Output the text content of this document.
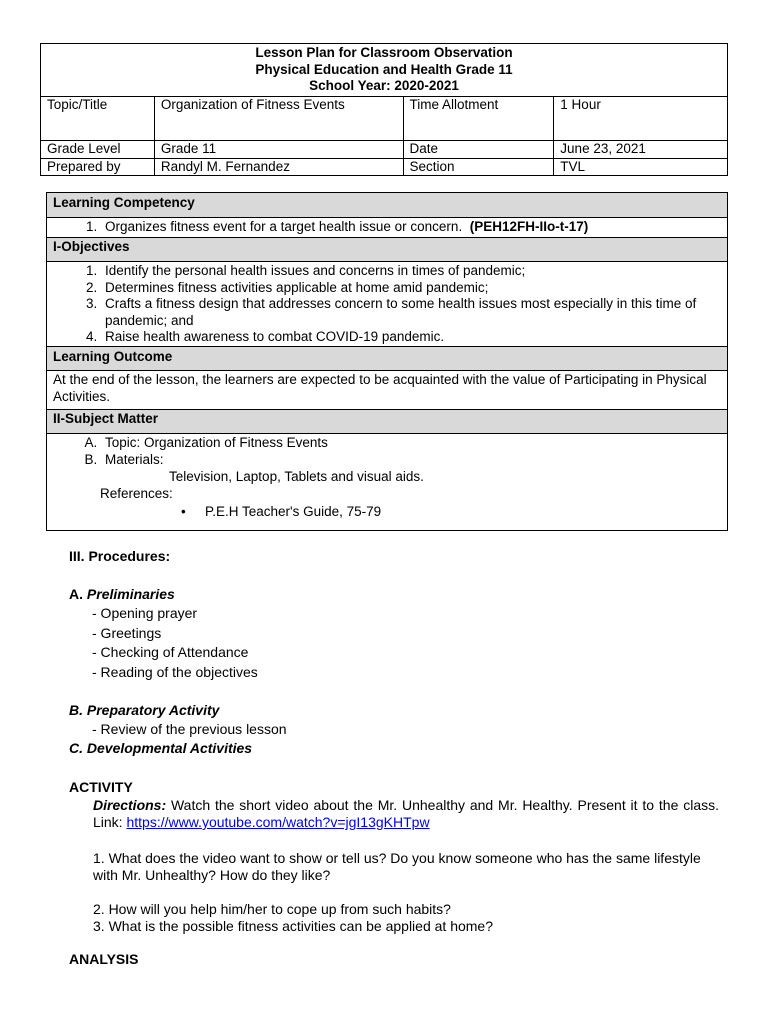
Lesson Plan for Classroom Observation
Physical Education and Health Grade 11
School Year: 2020-2021			

Topic/Title	Organization of Fitness Events	Time Allotment	1 Hour
Grade Level	Grade 11	Date	June 23, 2021
Prepared by	Randyl M. Fernandez	Section	TVL
Learning Competency
1. Organizes fitness event for a target health issue or concern. (PEH12FH-IIo-t-17)
I-Objectives
1. Identify the personal health issues and concerns in times of pandemic;
2. Determines fitness activities applicable at home amid pandemic;
3. Crafts a fitness design that addresses concern to some health issues most especially in this time of pandemic; and
4. Raise health awareness to combat COVID-19 pandemic.
Learning Outcome
At the end of the lesson, the learners are expected to be acquainted with the value of Participating in Physical Activities.
II-Subject Matter
A. Topic: Organization of Fitness Events
B. Materials:
Television, Laptop, Tablets and visual aids.
References:
• P.E.H Teacher's Guide, 75-79
III. Procedures:
A. Preliminaries
- Opening prayer
- Greetings
- Checking of Attendance
- Reading of the objectives
B. Preparatory Activity
- Review of the previous lesson
C. Developmental Activities
ACTIVITY
Directions: Watch the short video about the Mr. Unhealthy and Mr. Healthy. Present it to the class. Link: https://www.youtube.com/watch?v=jgI13gKHTpw
1. What does the video want to show or tell us? Do you know someone who has the same lifestyle with Mr. Unhealthy? How do they like?
2. How will you help him/her to cope up from such habits?
3. What is the possible fitness activities can be applied at home?
ANALYSIS
